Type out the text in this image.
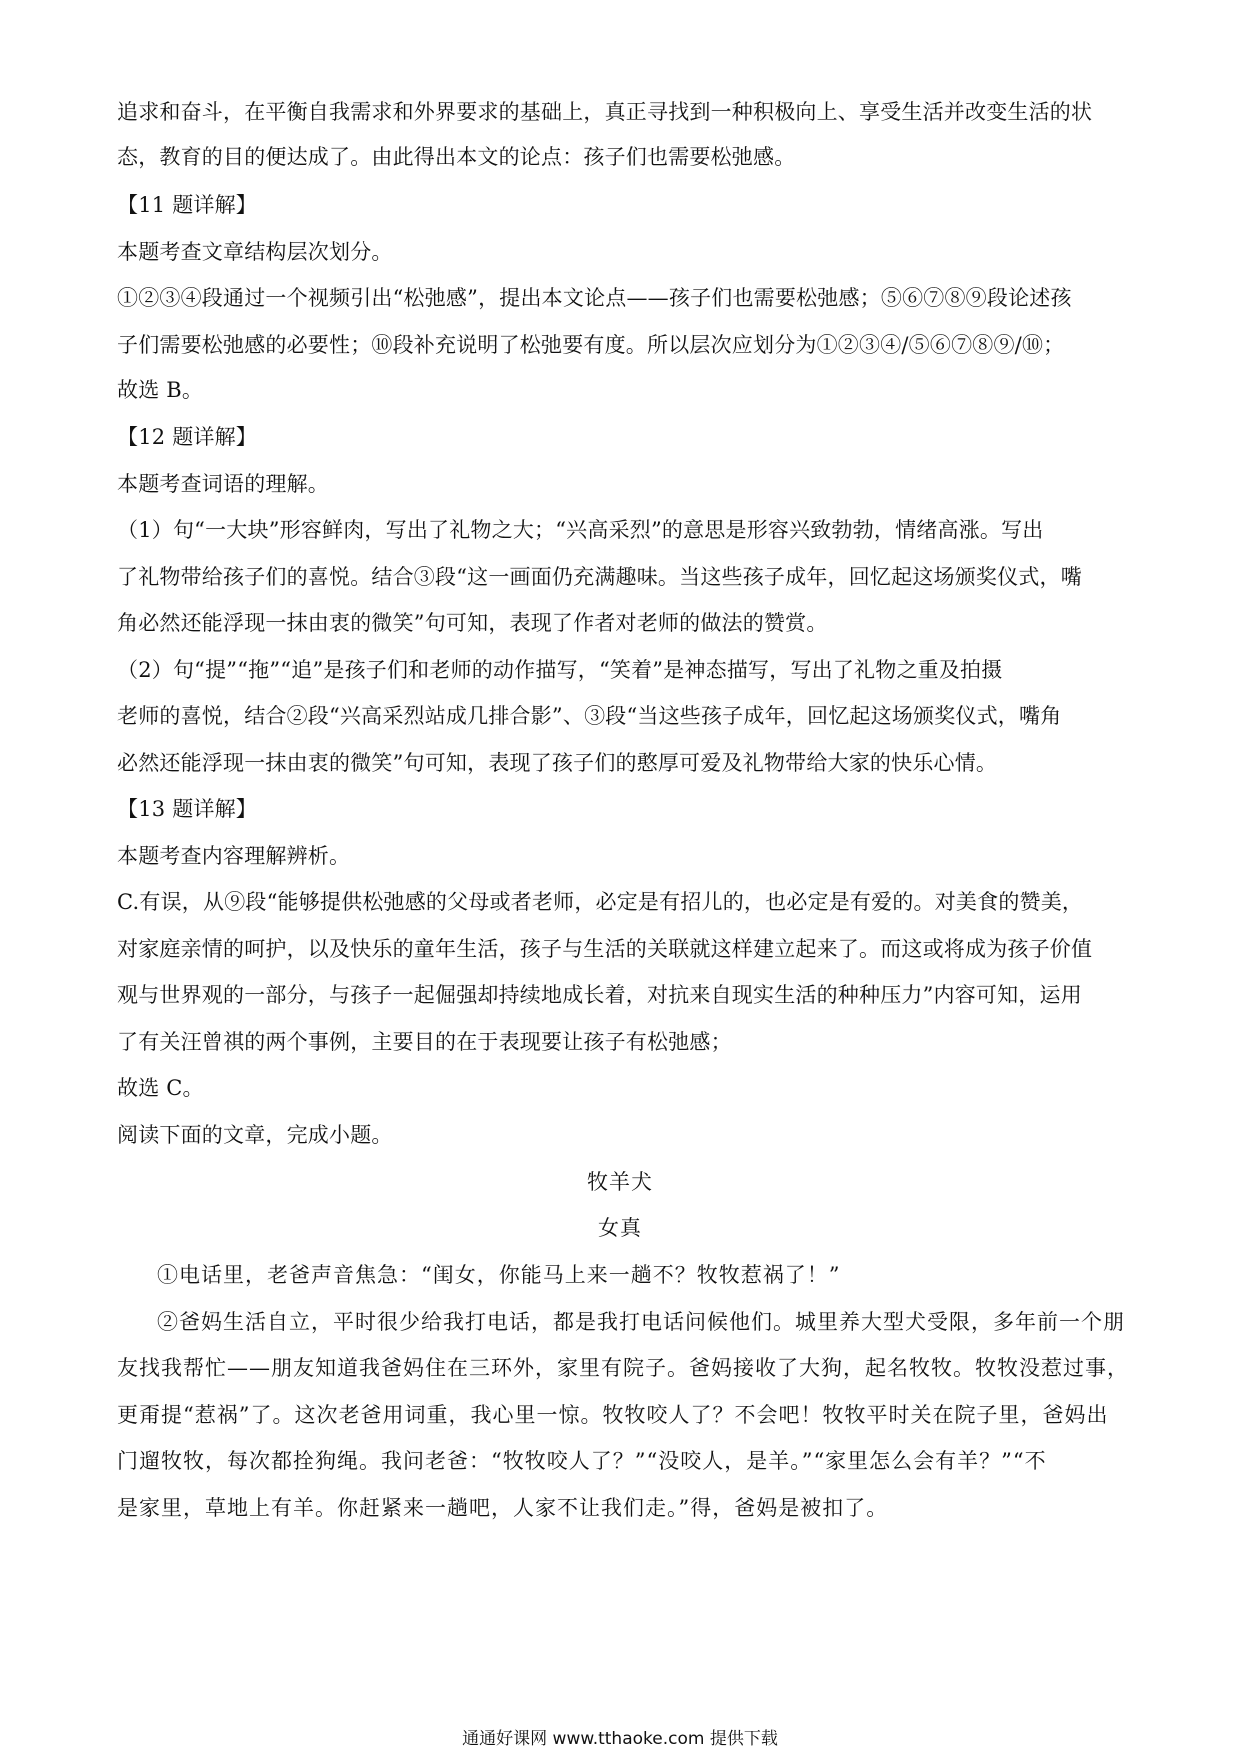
追求和奋斗，在平衡自我需求和外界要求的基础上，真正寻找到一种积极向上、享受生活并改变生活的状
态，教育的目的便达成了。由此得出本文的论点：孩子们也需要松弛感。
【11 题详解】
本题考查文章结构层次划分。
①②③④段通过一个视频引出“松弛感”，提出本文论点——孩子们也需要松弛感；⑤⑥⑦⑧⑨段论述孩
子们需要松弛感的必要性；⑩段补充说明了松弛要有度。所以层次应划分为①②③④/⑤⑥⑦⑧⑨/⑩；
故选 B。
【12 题详解】
本题考查词语的理解。
（1）句“一大块”形容鲜肉，写出了礼物之大；“兴高采烈”的意思是形容兴致勃勃，情绪高涨。写出
了礼物带给孩子们的喜悦。结合③段“这一画面仍充满趣味。当这些孩子成年，回忆起这场颁奖仪式，嘴
角必然还能浮现一抹由衷的微笑”句可知，表现了作者对老师的做法的赞赏。
（2）句“提”“拖”“追”是孩子们和老师的动作描写，“笑着”是神态描写，写出了礼物之重及拍摄
老师的喜悦，结合②段“兴高采烈站成几排合影”、③段“当这些孩子成年，回忆起这场颁奖仪式，嘴角
必然还能浮现一抹由衷的微笑”句可知，表现了孩子们的憨厚可爱及礼物带给大家的快乐心情。
【13 题详解】
本题考查内容理解辨析。
C.有误，从⑨段“能够提供松弛感的父母或者老师，必定是有招儿的，也必定是有爱的。对美食的赞美，
对家庭亲情的呵护，以及快乐的童年生活，孩子与生活的关联就这样建立起来了。而这或将成为孩子价值
观与世界观的一部分，与孩子一起倔强却持续地成长着，对抗来自现实生活的种种压力”内容可知，运用
了有关汪曾祺的两个事例，主要目的在于表现要让孩子有松弛感；
故选 C。
阅读下面的文章，完成小题。
牧羊犬
女真
①电话里，老爸声音焦急：“闺女，你能马上来一趟不？牧牧惹祸了！”
②爸妈生活自立，平时很少给我打电话，都是我打电话问候他们。城里养大型犬受限，多年前一个朋
友找我帮忙——朋友知道我爸妈住在三环外，家里有院子。爸妈接收了大狗，起名牧牧。牧牧没惹过事，
更甭提“惹祸”了。这次老爸用词重，我心里一惊。牧牧咬人了？不会吧！牧牧平时关在院子里，爸妈出
门遛牧牧，每次都拴狗绳。我问老爸：“牧牧咬人了？”“没咬人，是羊。”“家里怎么会有羊？”“不
是家里，草地上有羊。你赶紧来一趟吧，人家不让我们走。”得，爸妈是被扣了。
通通好课网 www.tthaoke.com 提供下载
